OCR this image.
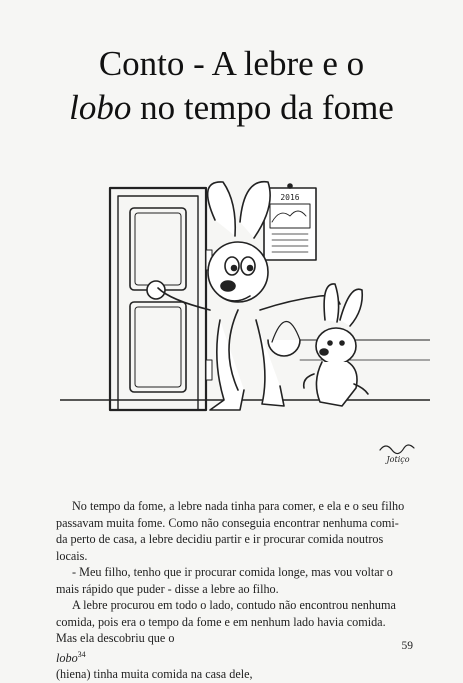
Conto - A lebre e o
lobo no tempo da fome
2016
Jotiço
No tempo da fome, a lebre nada tinha para comer, e ela e o seu filho
passavam muita fome. Como não conseguia encontrar nenhuma comi-
da perto de casa, a lebre decidiu partir e ir procurar comida noutros
locais.
- Meu filho, tenho que ir procurar comida longe, mas vou voltar o
mais rápido que puder - disse a lebre ao filho.
A lebre procurou em todo o lado, contudo não encontrou nenhuma
comida, pois era o tempo da fome e em nenhum lado havia comida.
Mas ela descobriu que o
lobo$^{34}$
(hiena) tinha muita comida na casa dele,
59
